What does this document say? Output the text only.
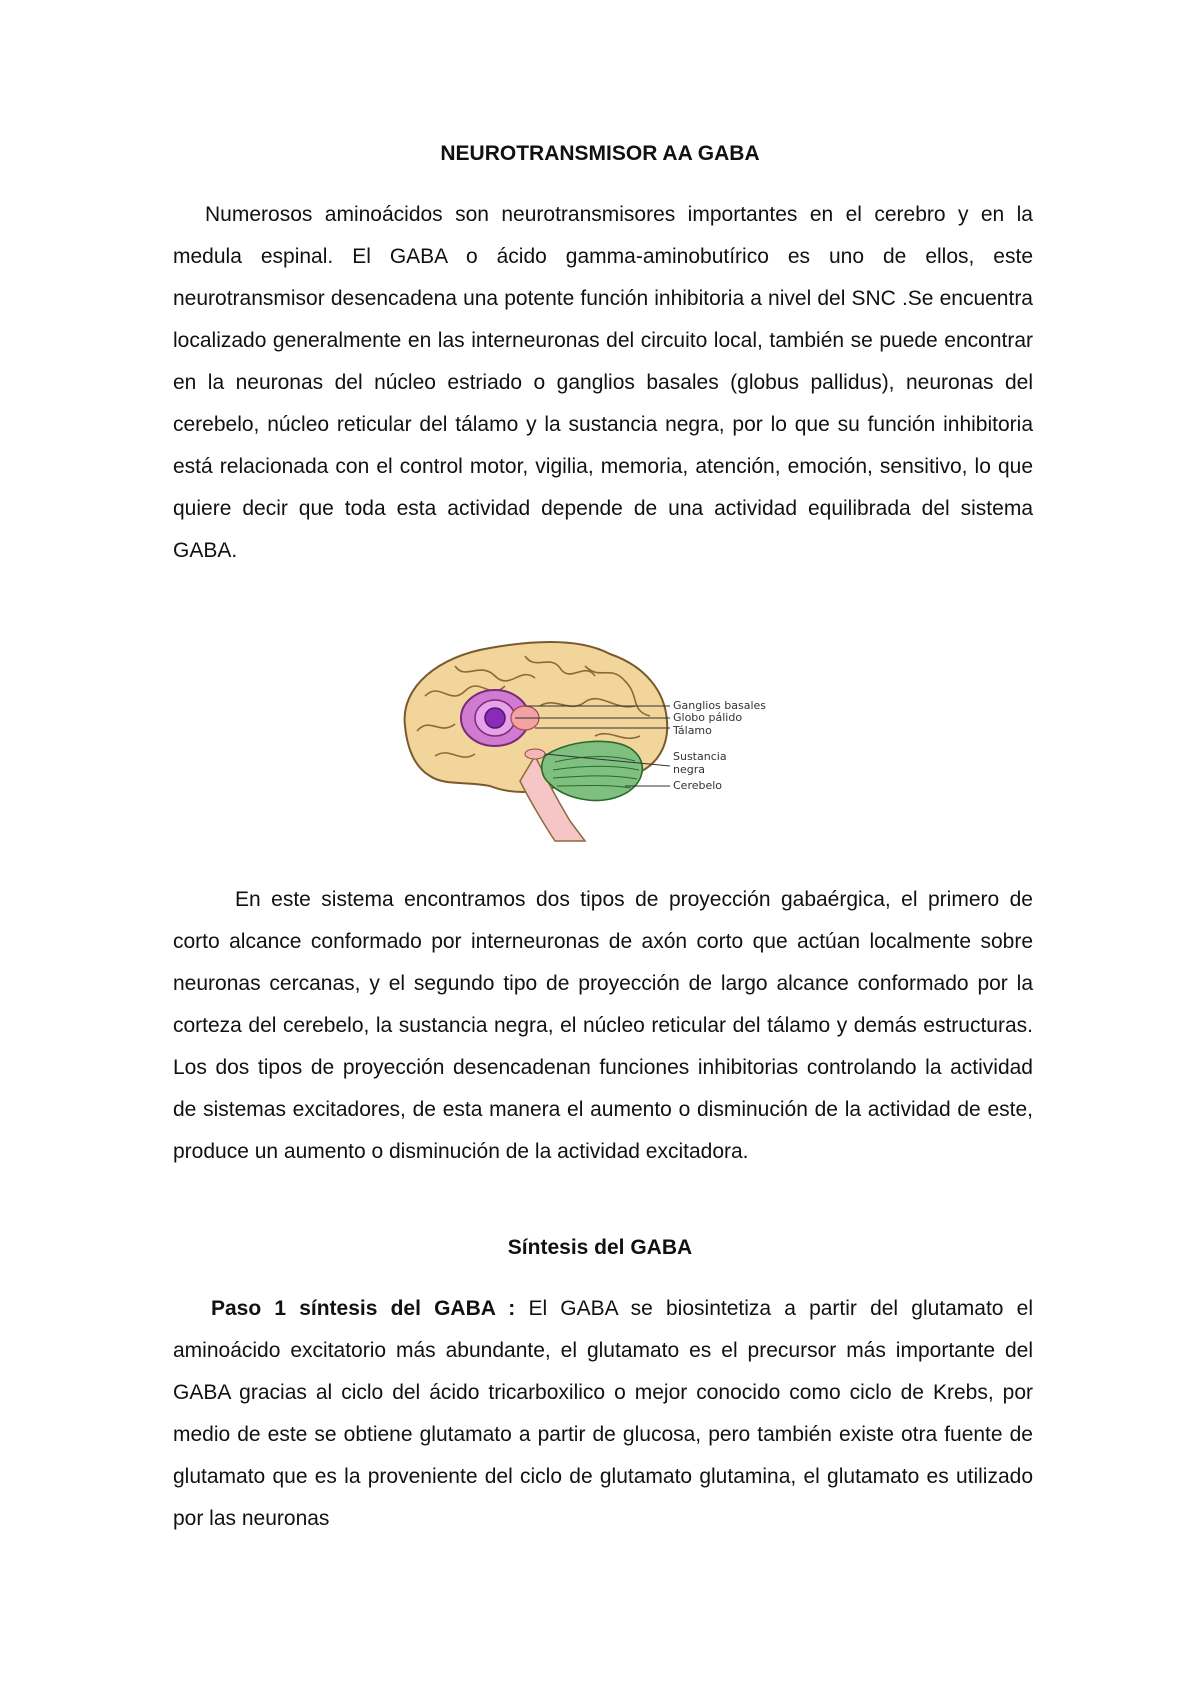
NEUROTRANSMISOR AA GABA

Numerosos aminoácidos son neurotransmisores importantes en el cerebro y en la medula espinal. El GABA o ácido gamma-aminobutírico es uno de ellos, este neurotransmisor desencadena una potente función inhibitoria a nivel del SNC .Se encuentra localizado generalmente en las interneuronas del circuito local, también se puede encontrar en la neuronas del núcleo estriado o ganglios basales (globus pallidus), neuronas del cerebelo, núcleo reticular del tálamo y la sustancia negra, por lo que su función inhibitoria está relacionada con el control motor, vigilia, memoria, atención, emoción, sensitivo, lo que quiere decir que toda esta actividad depende de una actividad equilibrada del sistema GABA.

Ganglios basales
Globo pálido
Tálamo
Sustancia
negra
Cerebelo

En este sistema encontramos dos tipos de proyección gabaérgica, el primero de corto alcance conformado por interneuronas de axón corto que actúan localmente sobre neuronas cercanas, y el segundo tipo de proyección de largo alcance conformado por la corteza del cerebelo, la sustancia negra, el núcleo reticular del tálamo y demás estructuras. Los dos tipos de proyección desencadenan funciones inhibitorias controlando la actividad de sistemas excitadores, de esta manera el aumento o disminución de la actividad de este, produce un aumento o disminución de la actividad excitadora.

Síntesis del GABA

Paso 1 síntesis del GABA : El GABA se biosintetiza a partir del glutamato el aminoácido excitatorio más abundante, el glutamato es el precursor más importante del GABA gracias al ciclo del ácido tricarboxilico o mejor conocido como ciclo de Krebs, por medio de este se obtiene glutamato a partir de glucosa, pero también existe otra fuente de glutamato que es la proveniente del ciclo de glutamato glutamina, el glutamato es utilizado por las neuronas
